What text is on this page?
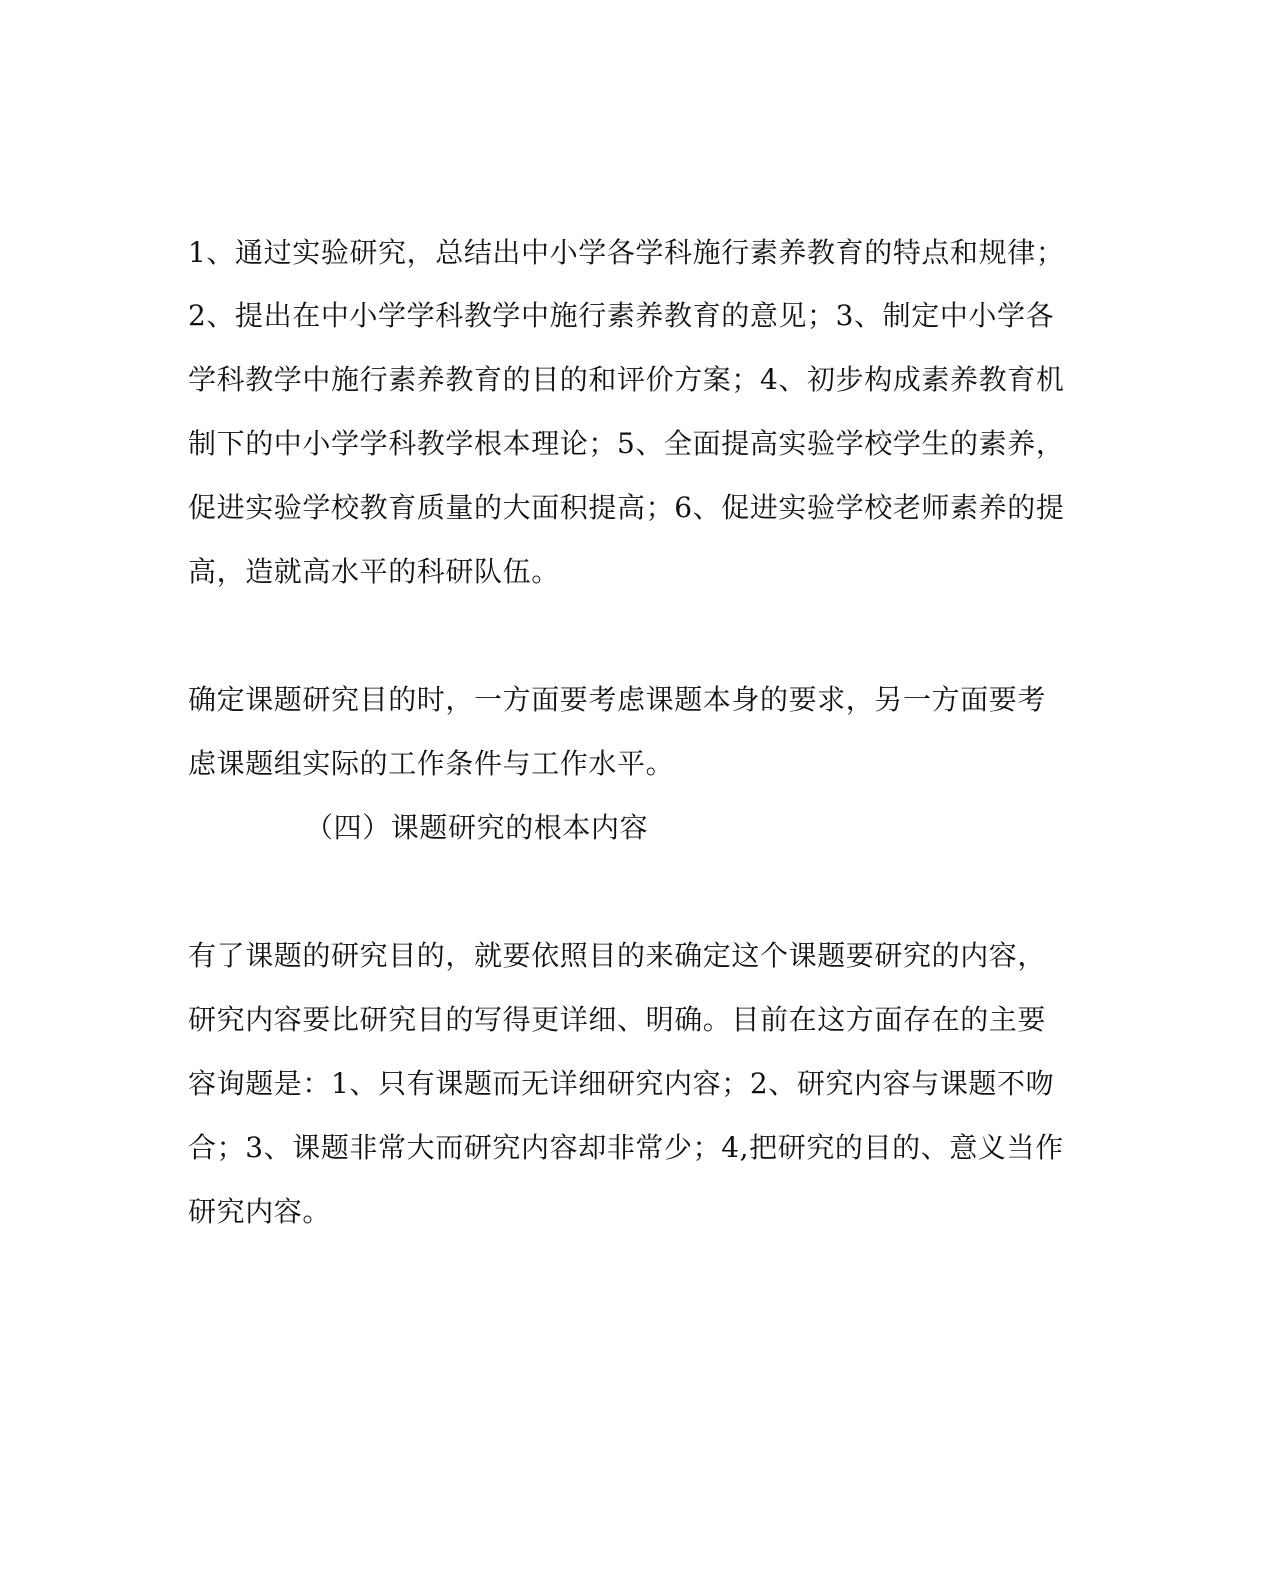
1、通过实验研究，总结出中小学各学科施行素养教育的特点和规律；
2、提出在中小学学科教学中施行素养教育的意见；3、制定中小学各
学科教学中施行素养教育的目的和评价方案；4、初步构成素养教育机
制下的中小学学科教学根本理论；5、全面提高实验学校学生的素养，
促进实验学校教育质量的大面积提高；6、促进实验学校老师素养的提
高，造就高水平的科研队伍。
确定课题研究目的时，一方面要考虑课题本身的要求，另一方面要考
虑课题组实际的工作条件与工作水平。
（四）课题研究的根本内容
有了课题的研究目的，就要依照目的来确定这个课题要研究的内容，
研究内容要比研究目的写得更详细、明确。目前在这方面存在的主要
容询题是：1、只有课题而无详细研究内容；2、研究内容与课题不吻
合；3、课题非常大而研究内容却非常少；4,把研究的目的、意义当作
研究内容。
